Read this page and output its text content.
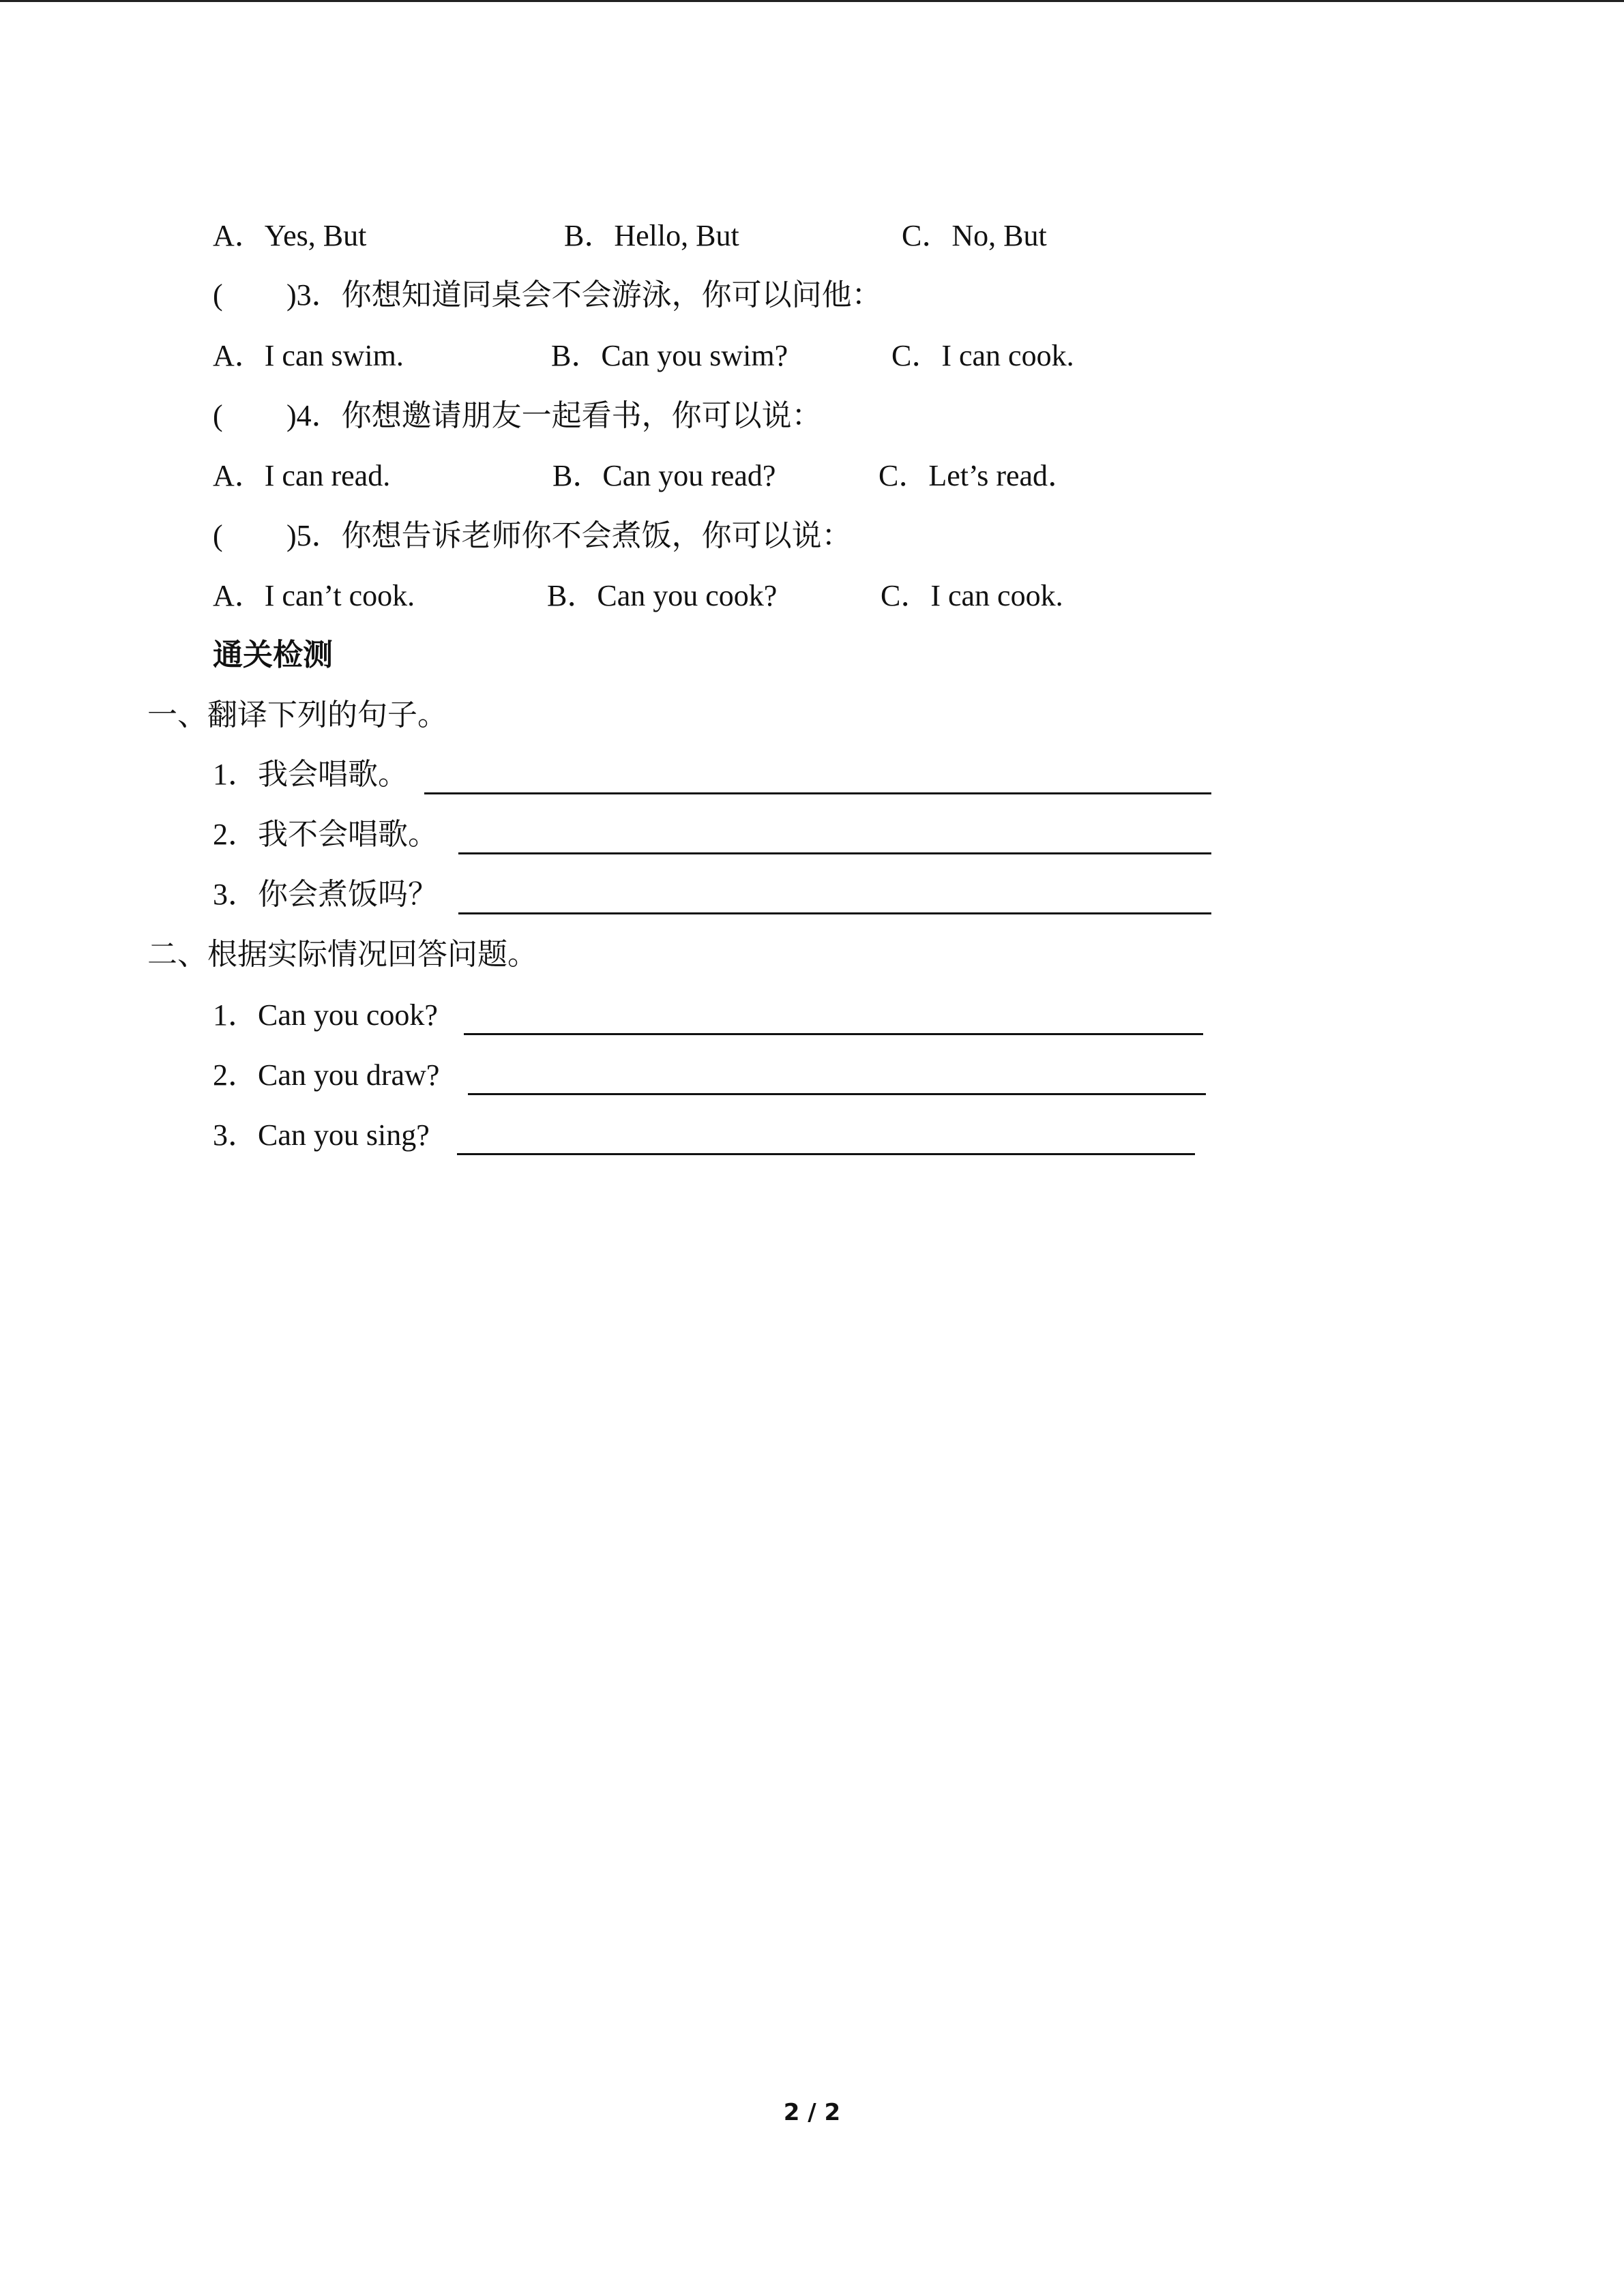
A．Yes, But	B．Hello, But	C．No, But
( )3．你想知道同桌会不会游泳，你可以问他：
A．I can swim.	B．Can you swim?	C．I can cook.
( )4．你想邀请朋友一起看书，你可以说：
A．I can read.	B．Can you read?	C．Let’s read．
( )5．你想告诉老师你不会煮饭，你可以说：
A．I can’t cook.	B．Can you cook?	C．I can cook.
通关检测
一、翻译下列的句子。
1．我会唱歌。
2．我不会唱歌。
3．你会煮饭吗？
二、根据实际情况回答问题。
1．Can you cook?
2．Can you draw?
3．Can you sing?
2 / 2
